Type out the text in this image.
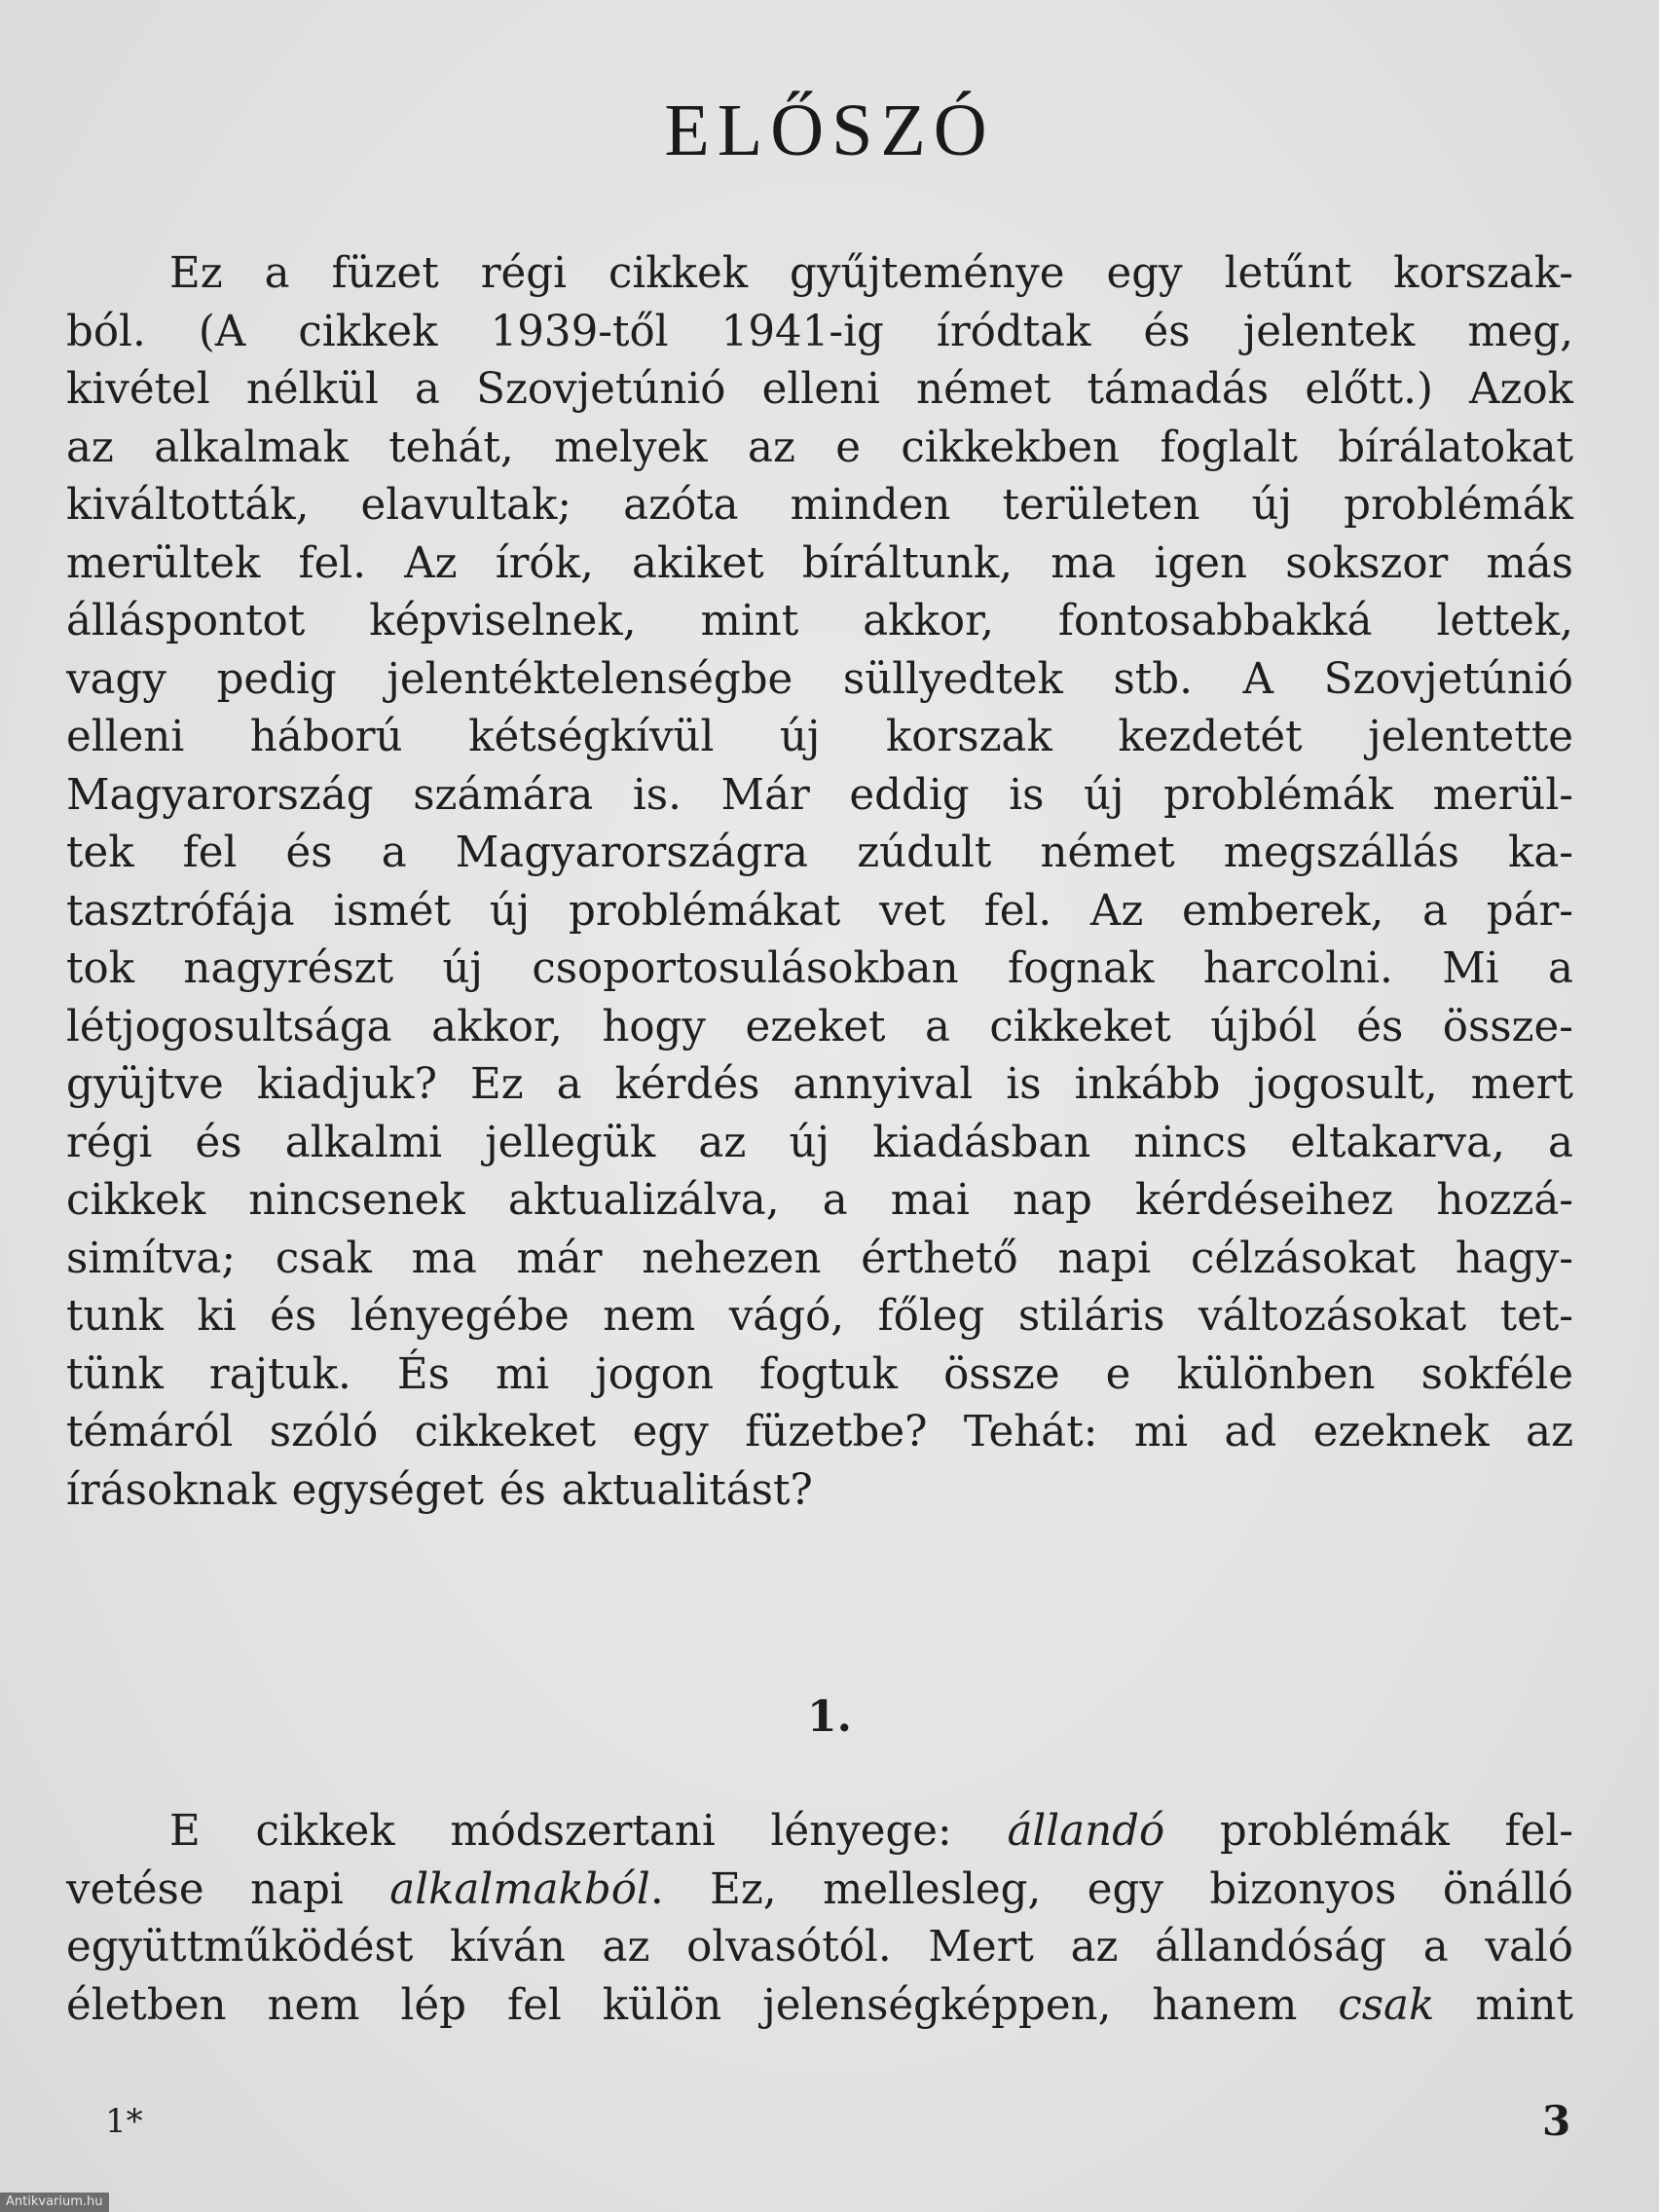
ELŐSZÓ
Ez a füzet régi cikkek gyűjteménye egy letűnt korszak-
ból. (A cikkek 1939-től 1941-ig íródtak és jelentek meg,
kivétel nélkül a Szovjetúnió elleni német támadás előtt.) Azok
az alkalmak tehát, melyek az e cikkekben foglalt bírálatokat
kiváltották, elavultak; azóta minden területen új problémák
merültek fel. Az írók, akiket bíráltunk, ma igen sokszor más
álláspontot képviselnek, mint akkor, fontosabbakká lettek,
vagy pedig jelentéktelenségbe süllyedtek stb. A Szovjetúnió
elleni háború kétségkívül új korszak kezdetét jelentette
Magyarország számára is. Már eddig is új problémák merül-
tek fel és a Magyarországra zúdult német megszállás ka-
tasztrófája ismét új problémákat vet fel. Az emberek, a pár-
tok nagyrészt új csoportosulásokban fognak harcolni. Mi a
létjogosultsága akkor, hogy ezeket a cikkeket újból és össze-
gyüjtve kiadjuk? Ez a kérdés annyival is inkább jogosult, mert
régi és alkalmi jellegük az új kiadásban nincs eltakarva, a
cikkek nincsenek aktualizálva, a mai nap kérdéseihez hozzá-
simítva; csak ma már nehezen érthető napi célzásokat hagy-
tunk ki és lényegébe nem vágó, főleg stiláris változásokat tet-
tünk rajtuk. És mi jogon fogtuk össze e különben sokféle
témáról szóló cikkeket egy füzetbe? Tehát: mi ad ezeknek az
írásoknak egységet és aktualitást?
1.
E cikkek módszertani lényege: állandó problémák fel-
vetése napi alkalmakból. Ez, mellesleg, egy bizonyos önálló
együttműködést kíván az olvasótól. Mert az állandóság a való
életben nem lép fel külön jelenségképpen, hanem csak mint
1*	3
Antikvarium.hu
